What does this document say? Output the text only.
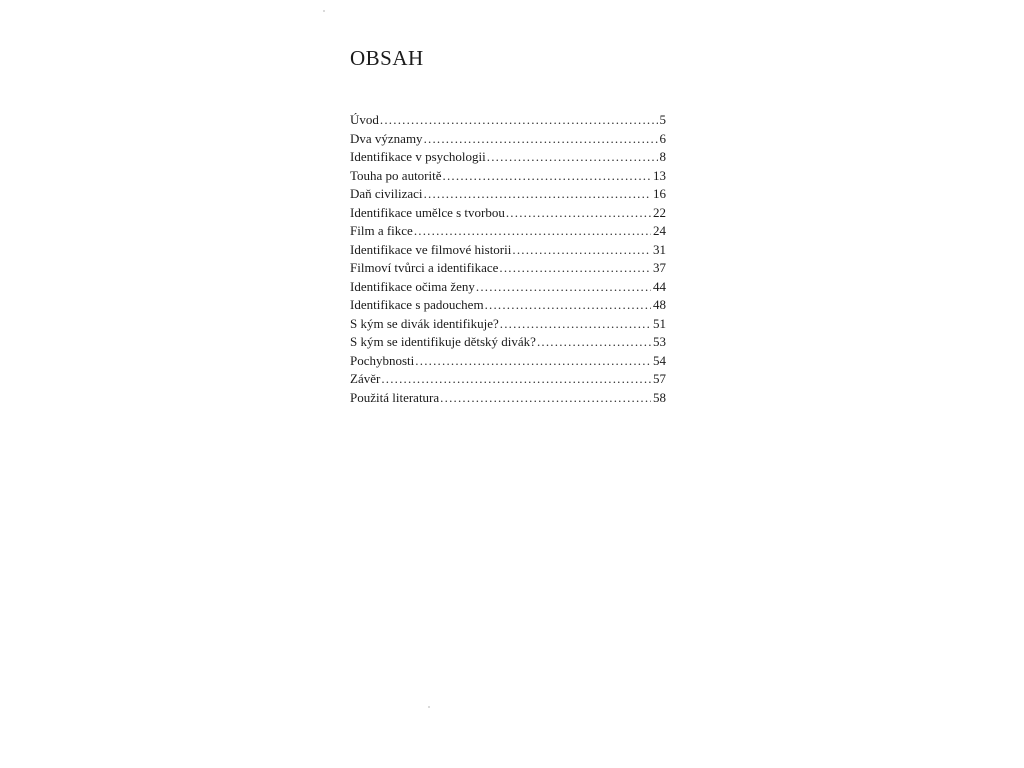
OBSAH
Úvod .....	5
Dva významy .....	6
Identifikace v psychologii .....	8
Touha po autoritě .....	13
Daň civilizaci .....	16
Identifikace umělce s tvorbou .....	22
Film a fikce .....	24
Identifikace ve filmové historii .....	31
Filmoví tvůrci a identifikace .....	37
Identifikace očima ženy .....	44
Identifikace s padouchem .....	48
S kým se divák identifikuje? .....	51
S kým se identifikuje dětský divák? .....	53
Pochybnosti .....	54
Závěr .....	57
Použitá literatura .....	58
